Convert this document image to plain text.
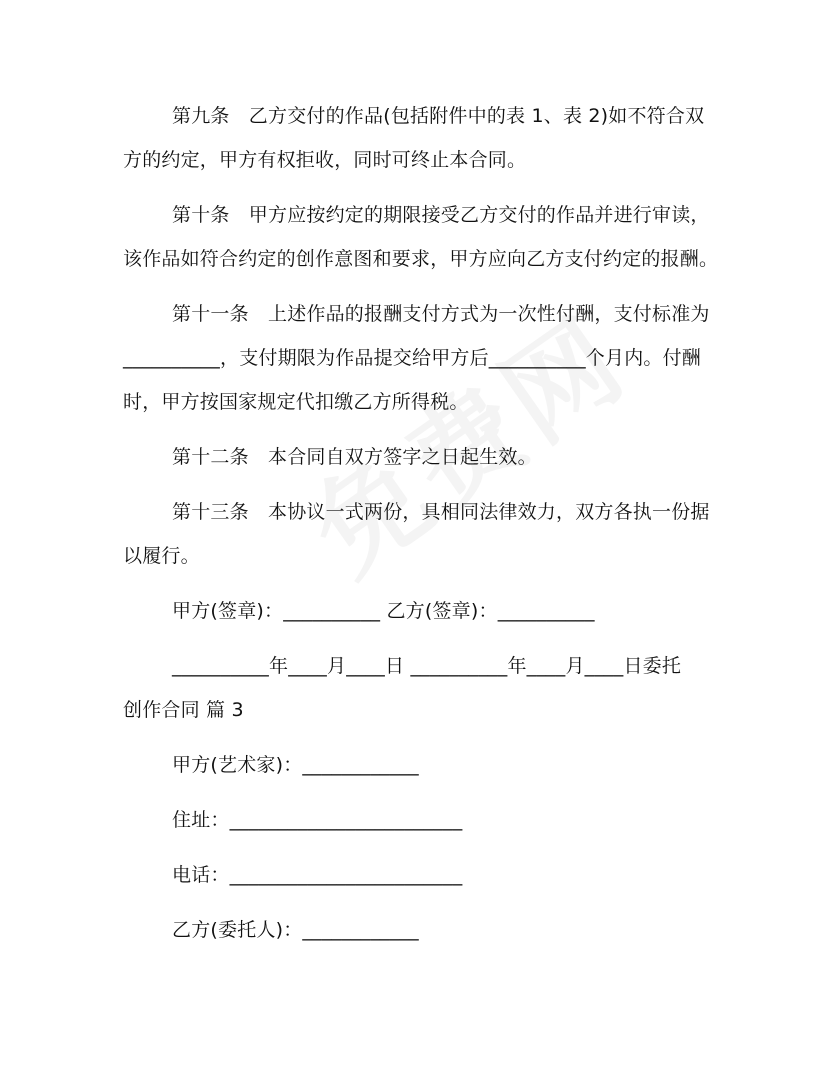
第九条　乙方交付的作品(包括附件中的表 1、表 2)如不符合双
方的约定，甲方有权拒收，同时可终止本合同。
第十条　甲方应按约定的期限接受乙方交付的作品并进行审读，
该作品如符合约定的创作意图和要求，甲方应向乙方支付约定的报酬。
第十一条　上述作品的报酬支付方式为一次性付酬，支付标准为
__________，支付期限为作品提交给甲方后__________个月内。付酬
时，甲方按国家规定代扣缴乙方所得税。
第十二条　本合同自双方签字之日起生效。
第十三条　本协议一式两份，具相同法律效力，双方各执一份据
以履行。
甲方(签章)：__________ 乙方(签章)：__________
__________年____月____日 __________年____月____日委托
创作合同 篇 3
甲方(艺术家)：____________
住址：________________________
电话：________________________
乙方(委托人)：____________
